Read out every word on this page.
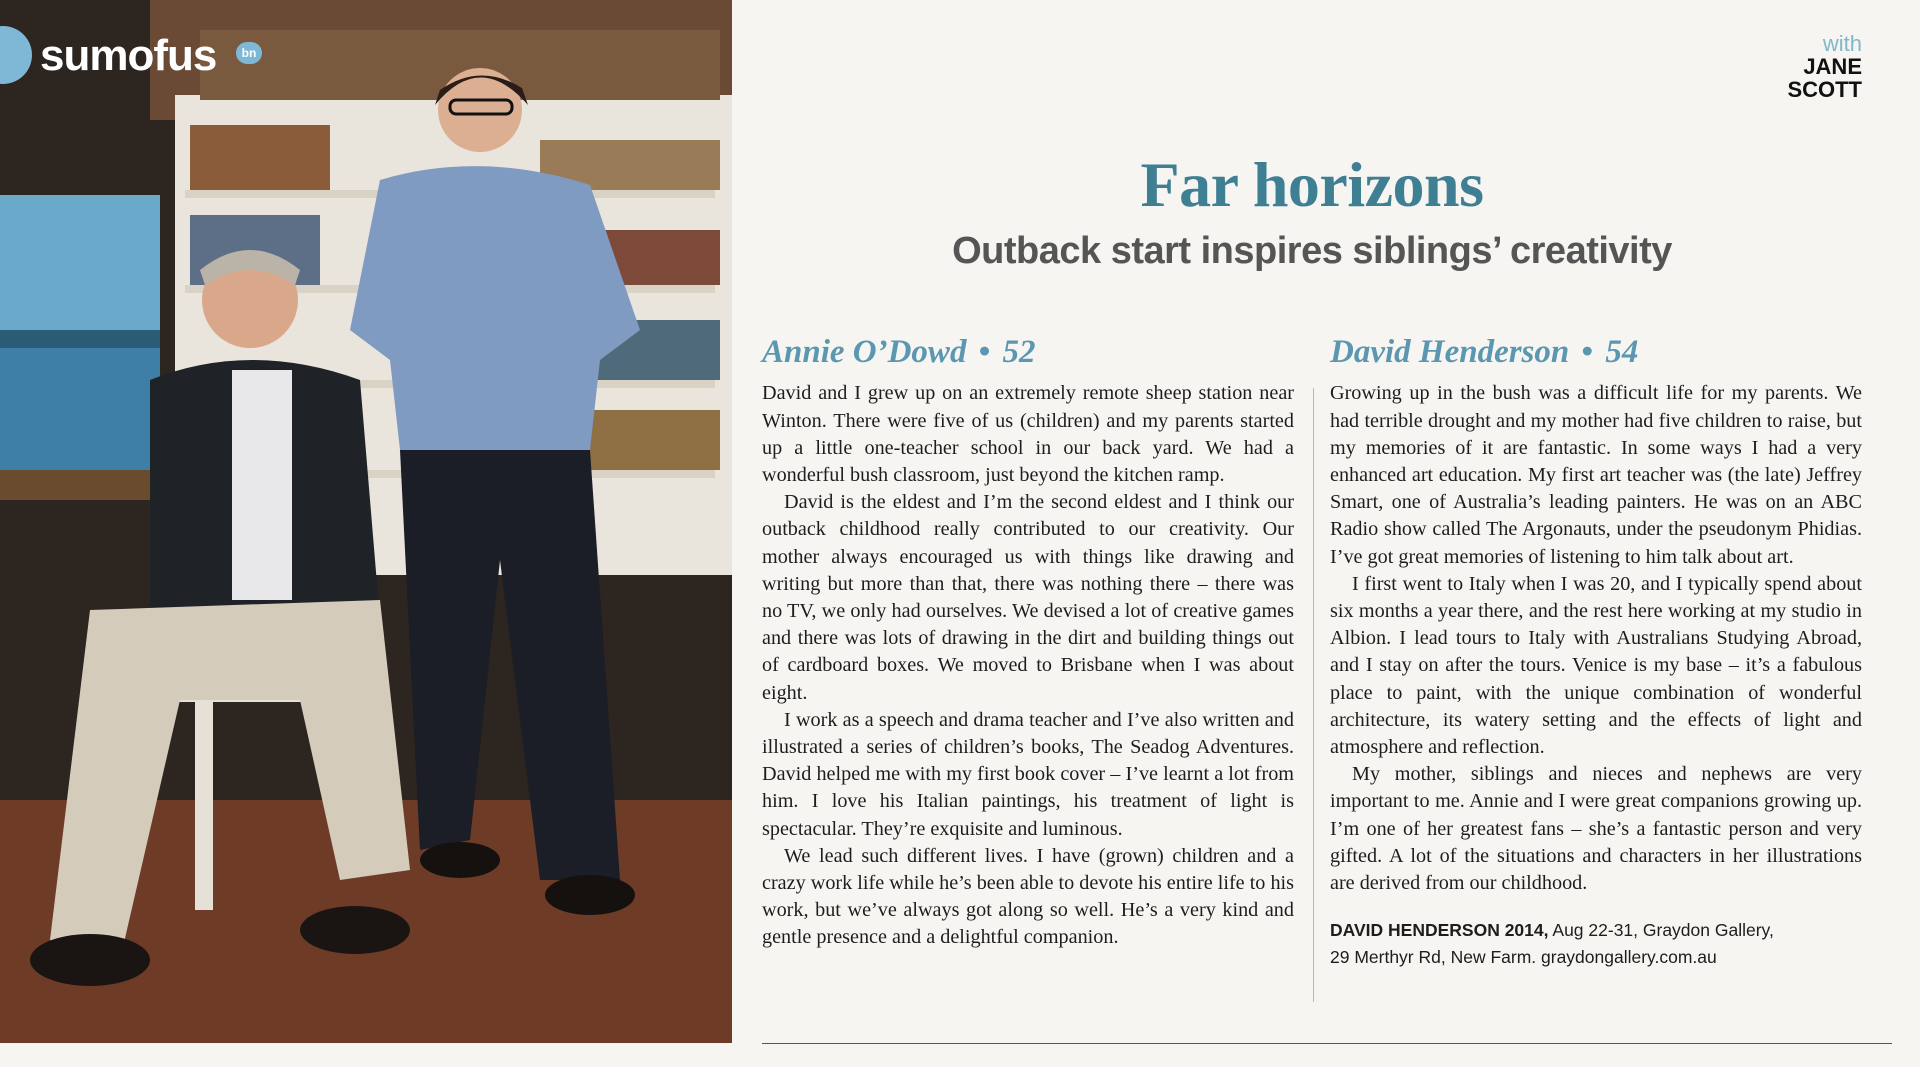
sumofus	bn	with
JANE
SCOTT
Far horizons
Outback start inspires siblings’ creativity
Annie O’Dowd • 52

David and I grew up on an extremely remote sheep station near Winton. There were five of us (children) and my parents started up a little one-teacher school in our back yard. We had a wonderful bush classroom, just beyond the kitchen ramp.

David is the eldest and I’m the second eldest and I think our outback childhood really contributed to our creativity. Our mother always encouraged us with things like drawing and writing but more than that, there was nothing there – there was no TV, we only had ourselves. We devised a lot of creative games and there was lots of drawing in the dirt and building things out of cardboard boxes. We moved to Brisbane when I was about eight.

I work as a speech and drama teacher and I’ve also written and illustrated a series of children’s books, The Seadog Adventures. David helped me with my first book cover – I’ve learnt a lot from him. I love his Italian paintings, his treatment of light is spectacular. They’re exquisite and luminous.

We lead such different lives. I have (grown) children and a crazy work life while he’s been able to devote his entire life to his work, but we’ve always got along so well. He’s a very kind and gentle presence and a delightful companion.

David Henderson • 54

Growing up in the bush was a difficult life for my parents. We had terrible drought and my mother had five children to raise, but my memories of it are fantastic. In some ways I had a very enhanced art education. My first art teacher was (the late) Jeffrey Smart, one of Australia’s leading painters. He was on an ABC Radio show called The Argonauts, under the pseudonym Phidias. I’ve got great memories of listening to him talk about art.

I first went to Italy when I was 20, and I typically spend about six months a year there, and the rest here working at my studio in Albion. I lead tours to Italy with Australians Studying Abroad, and I stay on after the tours. Venice is my base – it’s a fabulous place to paint, with the unique combination of wonderful architecture, its watery setting and the effects of light and atmosphere and reflection.

My mother, siblings and nieces and nephews are very important to me. Annie and I were great companions growing up. I’m one of her greatest fans – she’s a fantastic person and very gifted. A lot of the situations and characters in her illustrations are derived from our childhood.

DAVID HENDERSON 2014, Aug 22-31, Graydon Gallery,
29 Merthyr Rd, New Farm. graydongallery.com.au
